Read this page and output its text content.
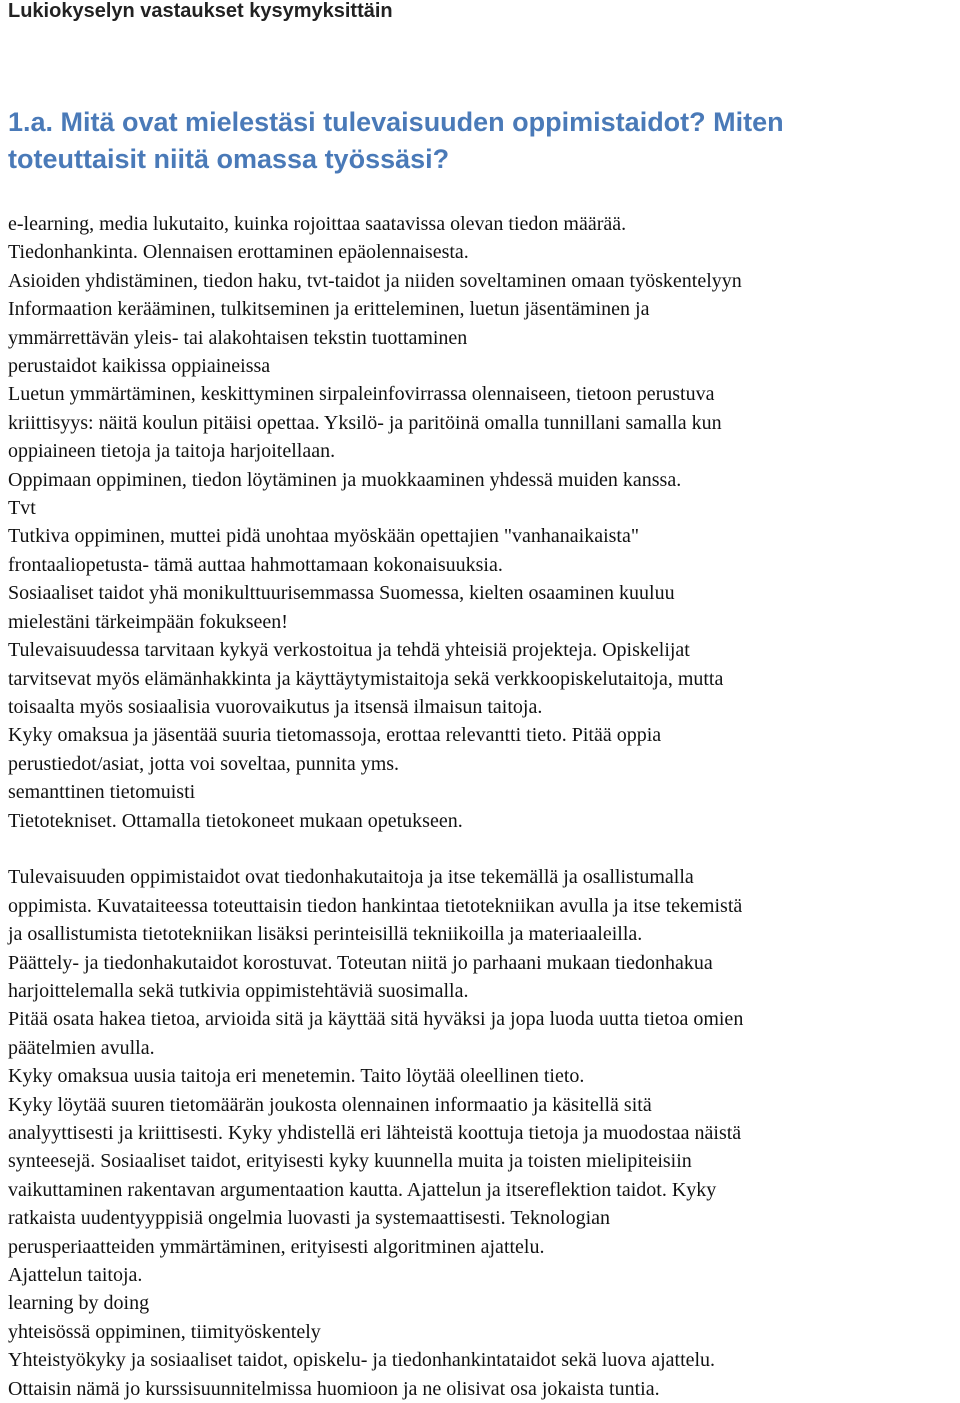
Lukiokyselyn vastaukset kysymyksittäin
1.a. Mitä ovat mielestäsi tulevaisuuden oppimistaidot? Miten
toteuttaisit niitä omassa työssäsi?

e-learning, media lukutaito, kuinka rojoittaa saatavissa olevan tiedon määrää.

Tiedonhankinta. Olennaisen erottaminen epäolennaisesta.

Asioiden yhdistäminen, tiedon haku, tvt-taidot ja niiden soveltaminen omaan työskentelyyn

Informaation kerääminen, tulkitseminen ja eritteleminen, luetun jäsentäminen ja

ymmärrettävän yleis- tai alakohtaisen tekstin tuottaminen

perustaidot kaikissa oppiaineissa

Luetun ymmärtäminen, keskittyminen sirpaleinfovirrassa olennaiseen, tietoon perustuva

kriittisyys: näitä koulun pitäisi opettaa. Yksilö- ja paritöinä omalla tunnillani samalla kun

oppiaineen tietoja ja taitoja harjoitellaan.

Oppimaan oppiminen, tiedon löytäminen ja muokkaaminen yhdessä muiden kanssa.

Tvt

Tutkiva oppiminen, muttei pidä unohtaa myöskään opettajien "vanhanaikaista"

frontaaliopetusta- tämä auttaa hahmottamaan kokonaisuuksia.

Sosiaaliset taidot yhä monikulttuurisemmassa Suomessa, kielten osaaminen kuuluu

mielestäni tärkeimpään fokukseen!

Tulevaisuudessa tarvitaan kykyä verkostoitua ja tehdä yhteisiä projekteja. Opiskelijat

tarvitsevat myös elämänhakkinta ja käyttäytymistaitoja sekä verkkoopiskelutaitoja, mutta

toisaalta myös sosiaalisia vuorovaikutus ja itsensä ilmaisun taitoja.

Kyky omaksua ja jäsentää suuria tietomassoja, erottaa relevantti tieto. Pitää oppia

perustiedot/asiat, jotta voi soveltaa, punnita yms.

semanttinen tietomuisti

Tietotekniset. Ottamalla tietokoneet mukaan opetukseen.

Tulevaisuuden oppimistaidot ovat tiedonhakutaitoja ja itse tekemällä ja osallistumalla

oppimista. Kuvataiteessa toteuttaisin tiedon hankintaa tietotekniikan avulla ja itse tekemistä

ja osallistumista tietotekniikan lisäksi perinteisillä tekniikoilla ja materiaaleilla.

Päättely- ja tiedonhakutaidot korostuvat. Toteutan niitä jo parhaani mukaan tiedonhakua

harjoittelemalla sekä tutkivia oppimistehtäviä suosimalla.

Pitää osata hakea tietoa, arvioida sitä ja käyttää sitä hyväksi ja jopa luoda uutta tietoa omien

päätelmien avulla.

Kyky omaksua uusia taitoja eri menetemin. Taito löytää oleellinen tieto.

Kyky löytää suuren tietomäärän joukosta olennainen informaatio ja käsitellä sitä

analyyttisesti ja kriittisesti. Kyky yhdistellä eri lähteistä koottuja tietoja ja muodostaa näistä

synteesejä. Sosiaaliset taidot, erityisesti kyky kuunnella muita ja toisten mielipiteisiin

vaikuttaminen rakentavan argumentaation kautta. Ajattelun ja itsereflektion taidot. Kyky

ratkaista uudentyyppisiä ongelmia luovasti ja systemaattisesti. Teknologian

perusperiaatteiden ymmärtäminen, erityisesti algoritminen ajattelu.

Ajattelun taitoja.

learning by doing

yhteisössä oppiminen, tiimityöskentely

Yhteistyökyky ja sosiaaliset taidot, opiskelu- ja tiedonhankintataidot sekä luova ajattelu.

Ottaisin nämä jo kurssisuunnitelmissa huomioon ja ne olisivat osa jokaista tuntia.
